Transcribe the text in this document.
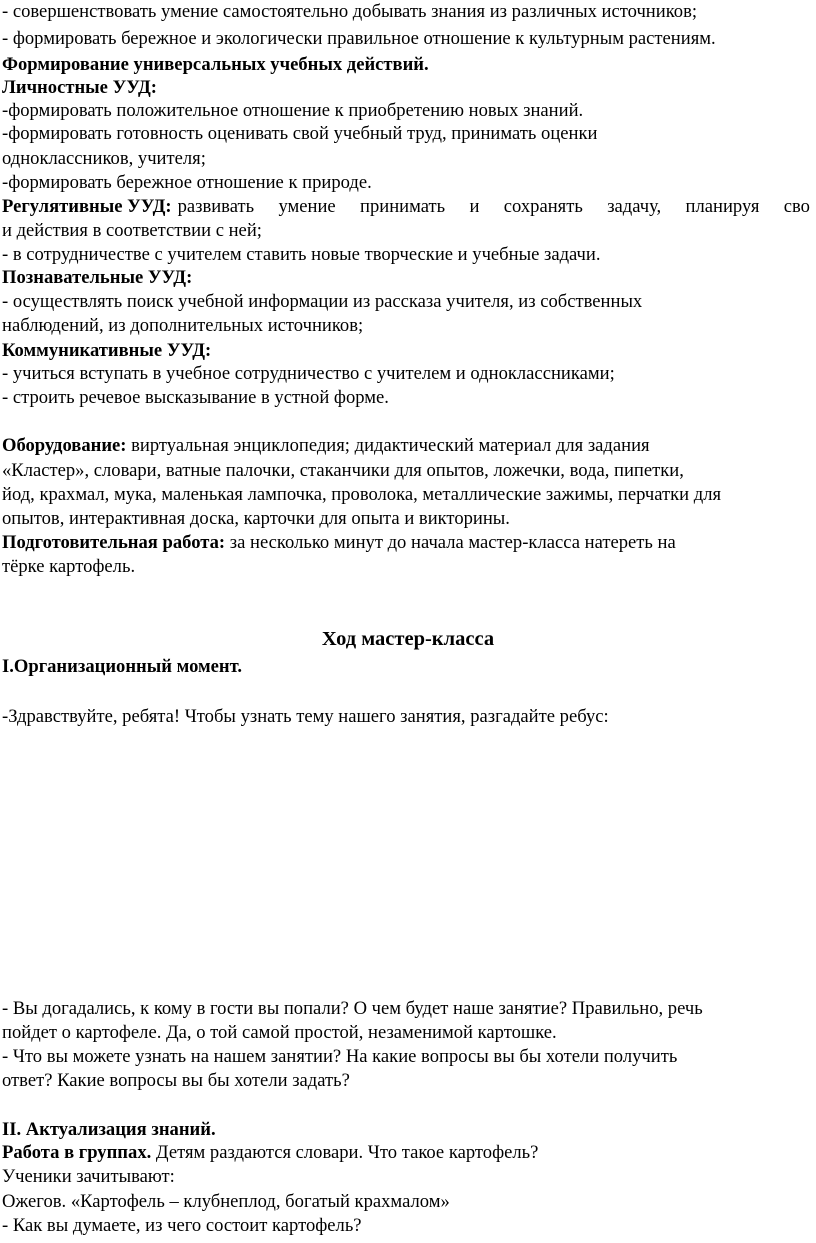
- совершенствовать умение самостоятельно добывать знания из различных источников;
- формировать бережное и экологически правильное отношение к культурным растениям.
Формирование универсальных учебных действий.
Личностные УУД:
-формировать положительное отношение к приобретению новых знаний.
-формировать готовность оценивать свой учебный труд, принимать оценки
одноклассников, учителя;
-формировать бережное отношение к природе.
Регулятивные УУД: развивать умение принимать и сохранять задачу, планируя сво
и действия в соответствии с ней;
- в сотрудничестве с учителем ставить новые творческие и учебные задачи.
Познавательные УУД:
- осуществлять поиск учебной информации из рассказа учителя, из собственных
наблюдений, из дополнительных источников;
Коммуникативные УУД:
- учиться вступать в учебное сотрудничество с учителем и одноклассниками;
- строить речевое высказывание в устной форме.
Оборудование: виртуальная энциклопедия; дидактический материал для задания
«Кластер», словари, ватные палочки, стаканчики для опытов, ложечки, вода, пипетки,
йод, крахмал, мука, маленькая лампочка, проволока, металлические зажимы, перчатки для
опытов, интерактивная доска, карточки для опыта и викторины.
Подготовительная работа: за несколько минут до начала мастер-класса натереть на
тёрке картофель.
Ход мастер-класса
I.Организационный момент.
-Здравствуйте, ребята! Чтобы узнать тему нашего занятия, разгадайте ребус:
- Вы догадались, к кому в гости вы попали? О чем будет наше занятие? Правильно, речь
пойдет о картофеле. Да, о той самой простой, незаменимой картошке.
- Что вы можете узнать на нашем занятии? На какие вопросы вы бы хотели получить
ответ? Какие вопросы вы бы хотели задать?
II. Актуализация знаний.
Работа в группах. Детям раздаются словари. Что такое картофель?
Ученики зачитывают:
Ожегов. «Картофель – клубнеплод, богатый крахмалом»
- Как вы думаете, из чего состоит картофель?
